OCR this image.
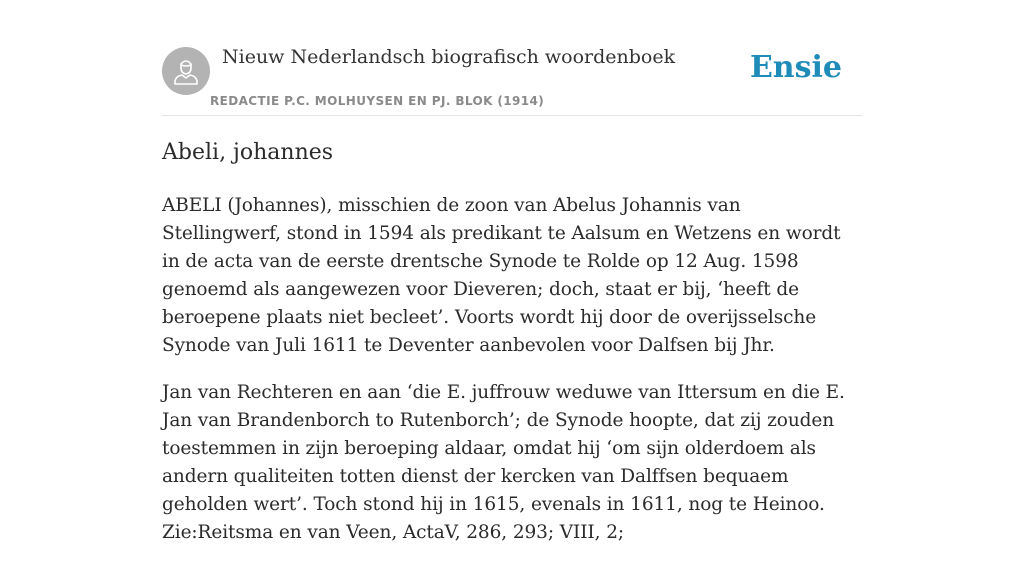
Nieuw Nederlandsch biografisch woordenboek
REDACTIE P.C. MOLHUYSEN EN PJ. BLOK (1914)
Ensie
Abeli, johannes

ABELI (Johannes), misschien de zoon van Abelus Johannis van Stellingwerf, stond in 1594 als predikant te Aalsum en Wetzens en wordt in de acta van de eerste drentsche Synode te Rolde op 12 Aug. 1598 genoemd als aangewezen voor Dieveren; doch, staat er bij, ‘heeft de beroepene plaats niet becleet’. Voorts wordt hij door de overijsselsche Synode van Juli 1611 te Deventer aanbevolen voor Dalfsen bij Jhr.

Jan van Rechteren en aan ‘die E. juffrouw weduwe van Ittersum en die E. Jan van Brandenborch to Rutenborch’; de Synode hoopte, dat zij zouden toestemmen in zijn beroeping aldaar, omdat hij ‘om sijn olderdoem als andern qualiteiten totten dienst der kercken van Dalffsen bequaem geholden wert’. Toch stond hij in 1615, evenals in 1611, nog te Heinoo. Zie:Reitsma en van Veen, ActaV, 286, 293; VIII, 2;
